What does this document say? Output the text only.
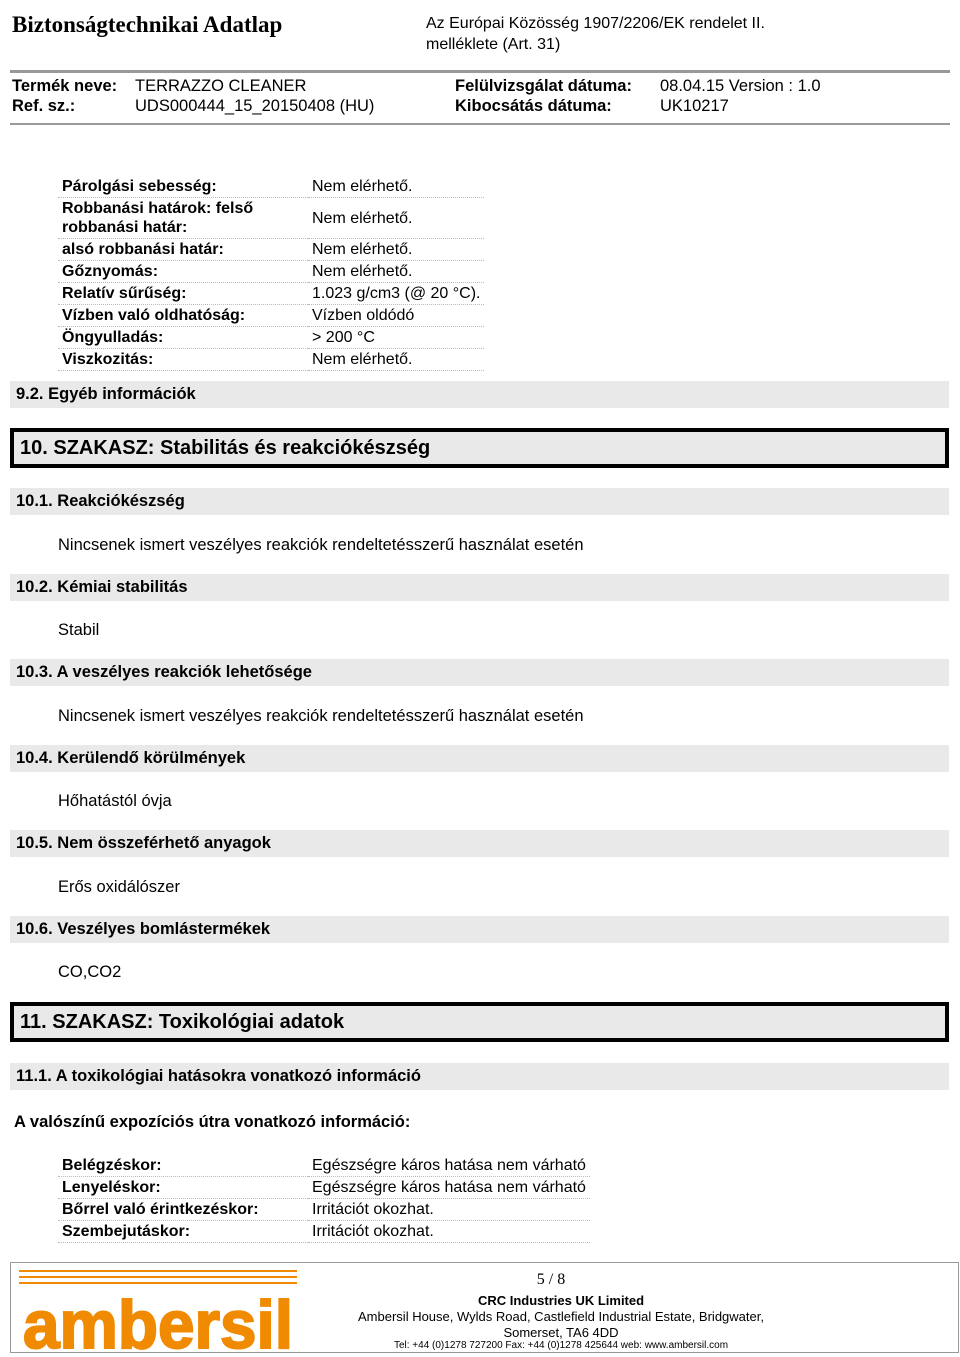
Biztonságtechnikai Adatlap	Az Európai Közösség 1907/2206/EK rendelet II.
melléklete (Art. 31)
Termék neve: TERRAZZO CLEANER	Felülvizsgálat dátuma: 08.04.15 Version : 1.0
Ref. sz.:	UDS000444_15_20150408 (HU)	Kibocsátás dátuma:	UK10217
Párolgási sebesség:	Nem elérhető.
Robbanási határok: felső robbanási határ:	Nem elérhető.
alsó robbanási határ:	Nem elérhető.
Gőznyomás:	Nem elérhető.
Relatív sűrűség:	1.023 g/cm3 (@ 20 °C).
Vízben való oldhatóság:	Vízben oldódó
Öngyulladás:	> 200 °C
Viszkozitás:	Nem elérhető.
9.2. Egyéb információk
10. SZAKASZ: Stabilitás és reakciókészség
10.1. Reakciókészség
Nincsenek ismert veszélyes reakciók rendeltetésszerű használat esetén
10.2. Kémiai stabilitás
Stabil
10.3. A veszélyes reakciók lehetősége
Nincsenek ismert veszélyes reakciók rendeltetésszerű használat esetén
10.4. Kerülendő körülmények
Hőhatástól óvja
10.5. Nem összeférhető anyagok
Erős oxidálószer
10.6. Veszélyes bomlástermékek
CO,CO2
11. SZAKASZ: Toxikológiai adatok
11.1. A toxikológiai hatásokra vonatkozó információ
A valószínű expozíciós útra vonatkozó információ:
Belégzéskor:	Egészségre káros hatása nem várható
Lenyeléskor:	Egészségre káros hatása nem várható
Bőrrel való érintkezéskor:	Irritációt okozhat.
Szembejutáskor:	Irritációt okozhat.
ambersil
5 / 8
CRC Industries UK Limited
Ambersil House, Wylds Road, Castlefield Industrial Estate, Bridgwater,
Somerset, TA6 4DD
Tel: +44 (0)1278 727200 Fax: +44 (0)1278 425644 web: www.ambersil.com
